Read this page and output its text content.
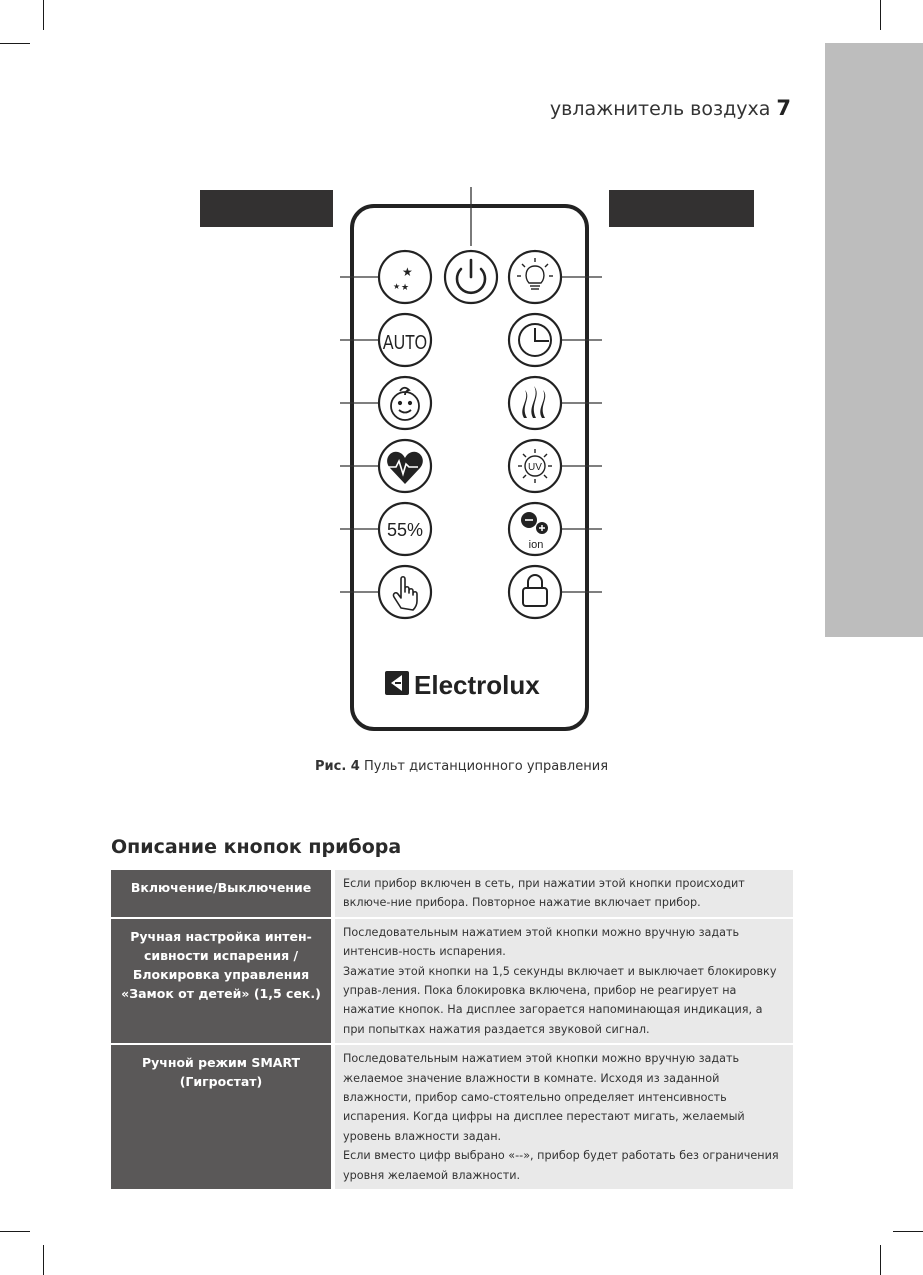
увлажнитель воздуха 7
★
★ ★
AUTO
UV
55%
ion
Electrolux
Рис. 4 Пульт дистанционного управления
Описание кнопок прибора
Включение/Выключение	Если прибор включен в сеть, при нажатии этой кнопки происходит включе-ние прибора. Повторное нажатие включает прибор.

Ручная настройка интен-сивности испарения / Блокировка управления «Замок от детей» (1,5 сек.)	Последовательным нажатием этой кнопки можно вручную задать интенсив-ность испарения.
Зажатие этой кнопки на 1,5 секунды включает и выключает блокировку управ-ления. Пока блокировка включена, прибор не реагирует на нажатие кнопок. На дисплее загорается напоминающая индикация, а при попытках нажатия раздается звуковой сигнал.

Ручной режим SMART (Гигростат)	Последовательным нажатием этой кнопки можно вручную задать желаемое значение влажности в комнате. Исходя из заданной влажности, прибор само-стоятельно определяет интенсивность испарения. Когда цифры на дисплее перестают мигать, желаемый уровень влажности задан.
Если вместо цифр выбрано «--», прибор будет работать без ограничения уровня желаемой влажности.
